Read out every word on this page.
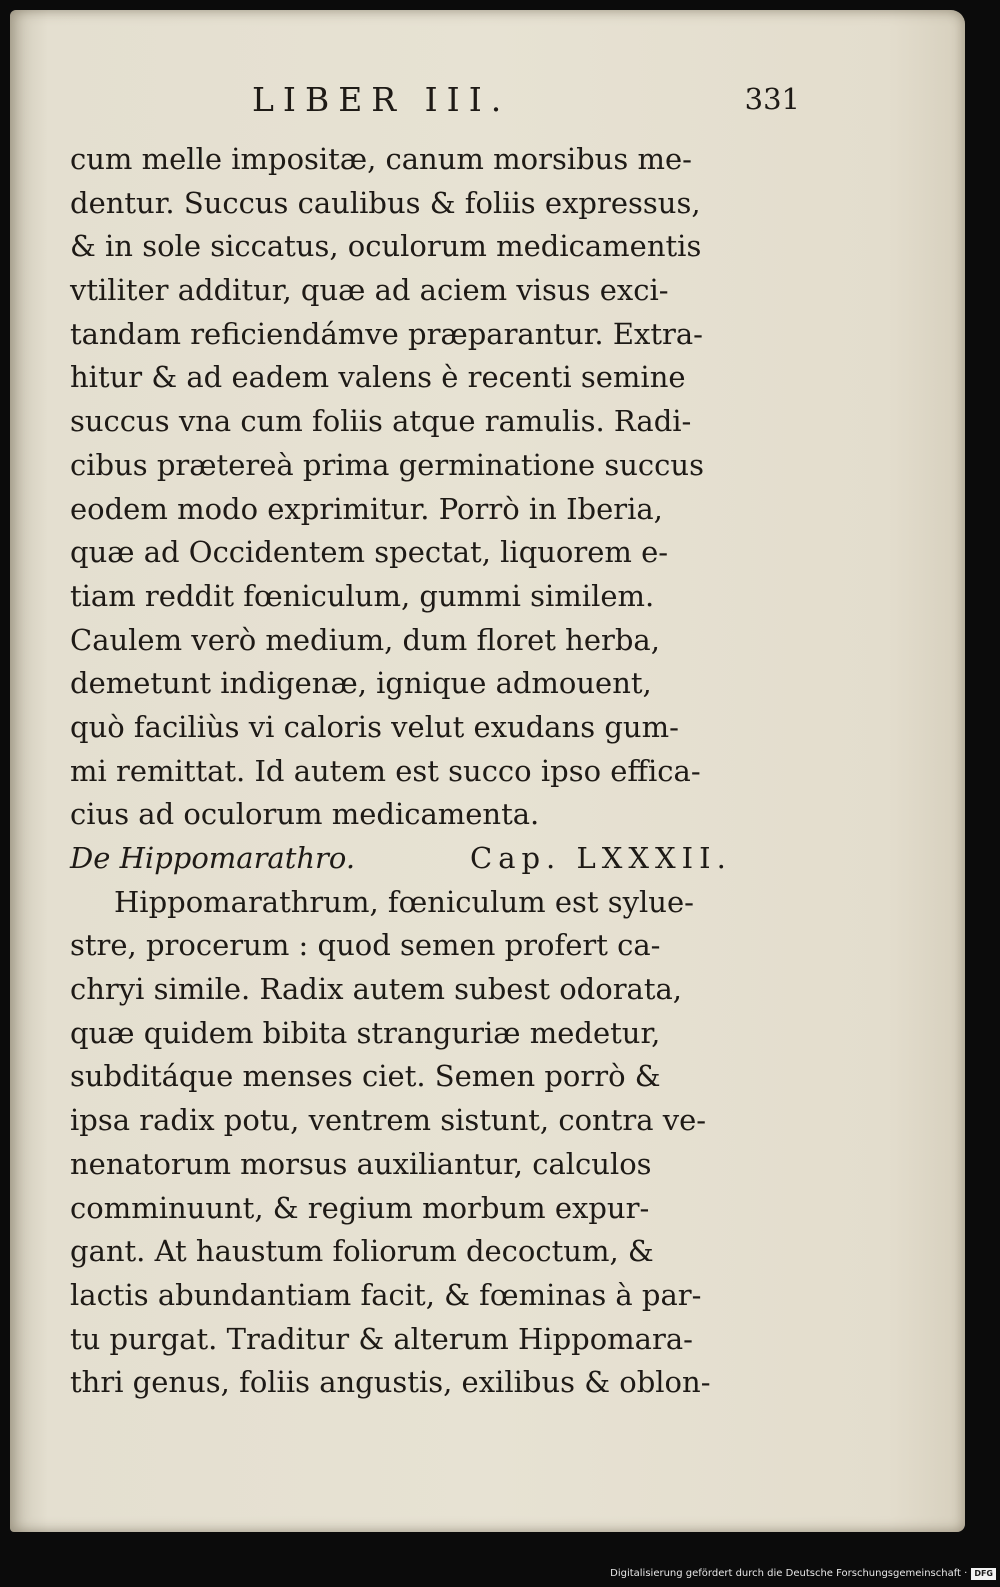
LIBER III.	331
cum melle impositæ, canum morsibus me-
dentur. Succus caulibus & foliis expressus,
& in sole siccatus, oculorum medicamentis
vtiliter additur, quæ ad aciem visus exci-
tandam reficiendámve præparantur. Extra-
hitur & ad eadem valens è recenti semine
succus vna cum foliis atque ramulis. Radi-
cibus prætereà prima germinatione succus
eodem modo exprimitur. Porrò in Iberia,
quæ ad Occidentem spectat, liquorem e-
tiam reddit fœniculum, gummi similem.
Caulem verò medium, dum floret herba,
demetunt indigenæ, ignique admouent,
quò faciliùs vi caloris velut exudans gum-
mi remittat. Id autem est succo ipso effica-
cius ad oculorum medicamenta.
De Hippomarathro.	Cap. LXXXII.
Hippomarathrum, fœniculum est syluе-
stre, procerum : quod semen profert ca-
chryi simile. Radix autem subest odorata,
quæ quidem bibita stranguriæ medetur,
subditáque menses ciet. Semen porrò &
ipsa radix potu, ventrem sistunt, contra ve-
nenatorum morsus auxiliantur, calculos
comminuunt, & regium morbum expur-
gant. At haustum foliorum decoctum, &
lactis abundantiam facit, & fœminas à par-
tu purgat. Traditur & alterum Hippomara-
thri genus, foliis angustis, exilibus & oblon-
Digitalisierung gefördert durch die Deutsche Forschungsgemeinschaft · DFG
